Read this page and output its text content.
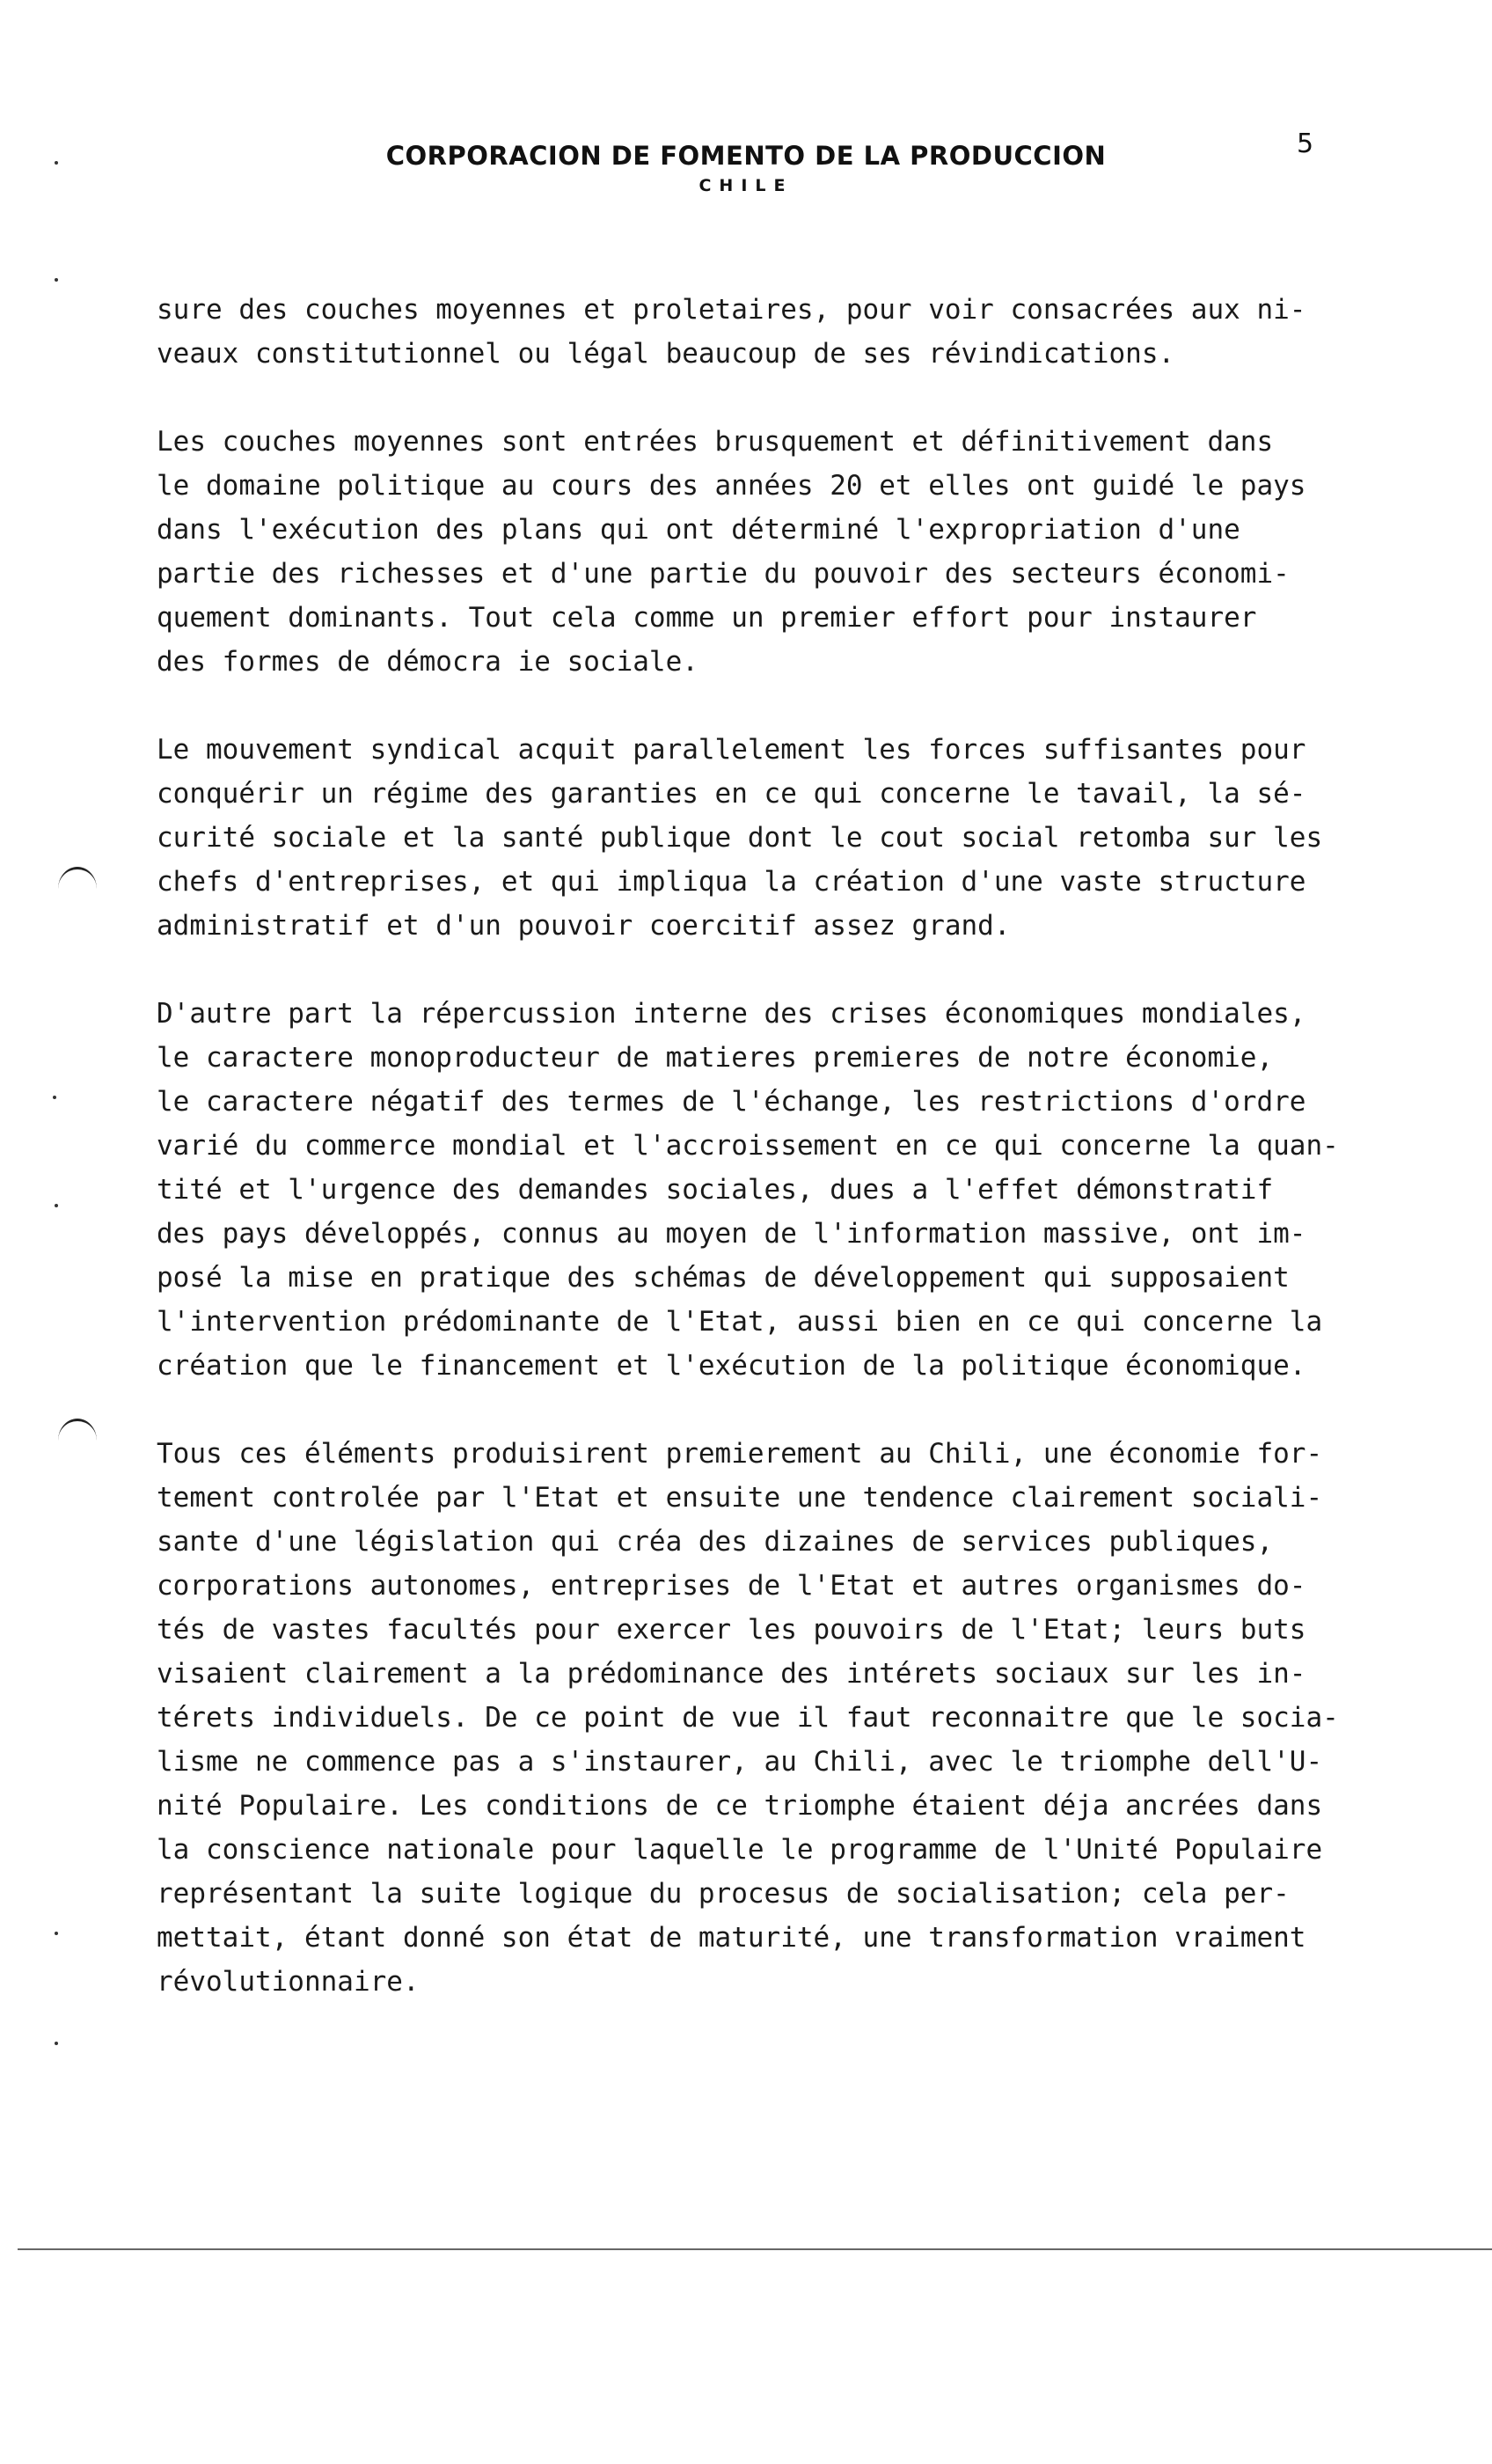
CORPORACION DE FOMENTO DE LA PRODUCCION
CHILE
5
sure des couches moyennes et proletaires, pour voir consacrées aux ni-
veaux constitutionnel ou légal beaucoup de ses révindications.
Les couches moyennes sont entrées brusquement et définitivement dans
le domaine politique au cours des années 20 et elles ont guidé le pays
dans l'exécution des plans qui ont déterminé l'expropriation d'une
partie des richesses et d'une partie du pouvoir des secteurs économi-
quement dominants. Tout cela comme un premier effort pour instaurer
des formes de démocra ie sociale.
Le mouvement syndical acquit parallelement les forces suffisantes pour
conquérir un régime des garanties en ce qui concerne le tavail, la sé-
curité sociale et la santé publique dont le cout social retomba sur les
chefs d'entreprises, et qui impliqua la création d'une vaste structure
administratif et d'un pouvoir coercitif assez grand.
D'autre part la répercussion interne des crises économiques mondiales,
le caractere monoproducteur de matieres premieres de notre économie,
le caractere négatif des termes de l'échange, les restrictions d'ordre
varié du commerce mondial et l'accroissement en ce qui concerne la quan-
tité et l'urgence des demandes sociales, dues a l'effet démonstratif
des pays développés, connus au moyen de l'information massive, ont im-
posé la mise en pratique des schémas de développement qui supposaient
l'intervention prédominante de l'Etat, aussi bien en ce qui concerne la
création que le financement et l'exécution de la politique économique.
Tous ces éléments produisirent premierement au Chili, une économie for-
tement controlée par l'Etat et ensuite une tendence clairement sociali-
sante d'une législation qui créa des dizaines de services publiques,
corporations autonomes, entreprises de l'Etat et autres organismes do-
tés de vastes facultés pour exercer les pouvoirs de l'Etat; leurs buts
visaient clairement a la prédominance des intérets sociaux sur les in-
térets individuels. De ce point de vue il faut reconnaitre que le socia-
lisme ne commence pas a s'instaurer, au Chili, avec le triomphe dell'U-
nité Populaire. Les conditions de ce triomphe étaient déja ancrées dans
la conscience nationale pour laquelle le programme de l'Unité Populaire
représentant la suite logique du procesus de socialisation; cela per-
mettait, étant donné son état de maturité, une transformation vraiment
révolutionnaire.
